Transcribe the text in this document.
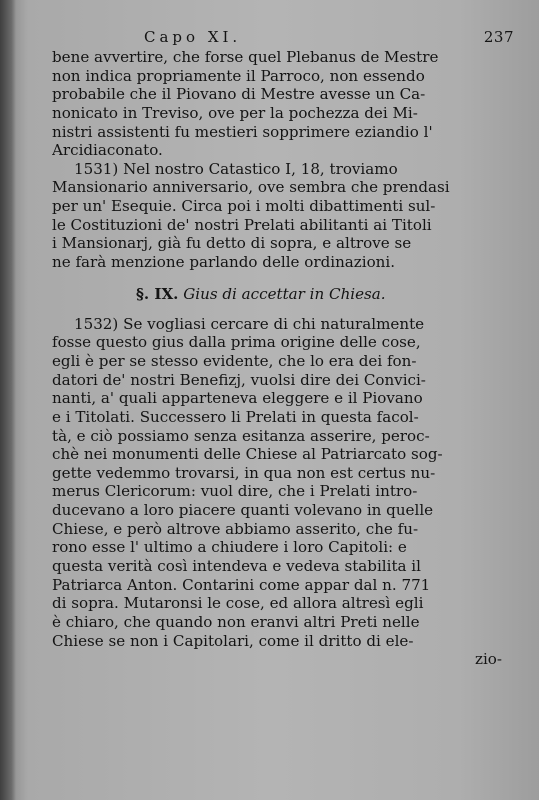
Capo XI.	237
bene avvertire, che forse quel Plebanus de Mestre
non indica propriamente il Parroco, non essendo
probabile che il Piovano di Mestre avesse un Ca-
nonicato in Treviso, ove per la pochezza dei Mi-
nistri assistenti fu mestieri sopprimere eziandio l'
Arcidiaconato.
1531) Nel nostro Catastico I, 18, troviamo
Mansionario anniversario, ove sembra che prendasi
per un' Esequie. Circa poi i molti dibattimenti sul-
le Costituzioni de' nostri Prelati abilitanti ai Titoli
i Mansionarj, già fu detto di sopra, e altrove se
ne farà menzione parlando delle ordinazioni.
§. IX. Gius di accettar in Chiesa.
1532) Se vogliasi cercare di chi naturalmente
fosse questo gius dalla prima origine delle cose,
egli è per se stesso evidente, che lo era dei fon-
datori de' nostri Benefizj, vuolsi dire dei Convici-
nanti, a' quali apparteneva eleggere e il Piovano
e i Titolati. Successero li Prelati in questa facol-
tà, e ciò possiamo senza esitanza asserire, peroc-
chè nei monumenti delle Chiese al Patriarcato sog-
gette vedemmo trovarsi, in qua non est certus nu-
merus Clericorum: vuol dire, che i Prelati intro-
ducevano a loro piacere quanti volevano in quelle
Chiese, e però altrove abbiamo asserito, che fu-
rono esse l' ultimo a chiudere i loro Capitoli: e
questa verità così intendeva e vedeva stabilita il
Patriarca Anton. Contarini come appar dal n. 771
di sopra. Mutaronsi le cose, ed allora altresì egli
è chiaro, che quando non eranvi altri Preti nelle
Chiese se non i Capitolari, come il dritto di ele-
zio-
